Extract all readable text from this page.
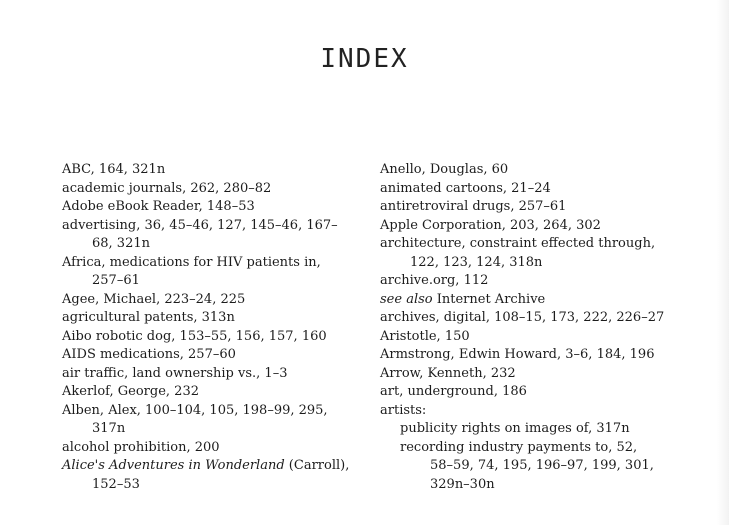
INDEX
ABC, 164, 321n
academic journals, 262, 280–82
Adobe eBook Reader, 148–53
advertising, 36, 45–46, 127, 145–46, 167–
68, 321n
Africa, medications for HIV patients in,
257–61
Agee, Michael, 223–24, 225
agricultural patents, 313n
Aibo robotic dog, 153–55, 156, 157, 160
AIDS medications, 257–60
air traffic, land ownership vs., 1–3
Akerlof, George, 232
Alben, Alex, 100–104, 105, 198–99, 295,
317n
alcohol prohibition, 200
Alice's Adventures in Wonderland (Carroll),
152–53
Anello, Douglas, 60
animated cartoons, 21–24
antiretroviral drugs, 257–61
Apple Corporation, 203, 264, 302
architecture, constraint effected through,
122, 123, 124, 318n
archive.org, 112
see also Internet Archive
archives, digital, 108–15, 173, 222, 226–27
Aristotle, 150
Armstrong, Edwin Howard, 3–6, 184, 196
Arrow, Kenneth, 232
art, underground, 186
artists:
publicity rights on images of, 317n
recording industry payments to, 52,
58–59, 74, 195, 196–97, 199, 301,
329n–30n
